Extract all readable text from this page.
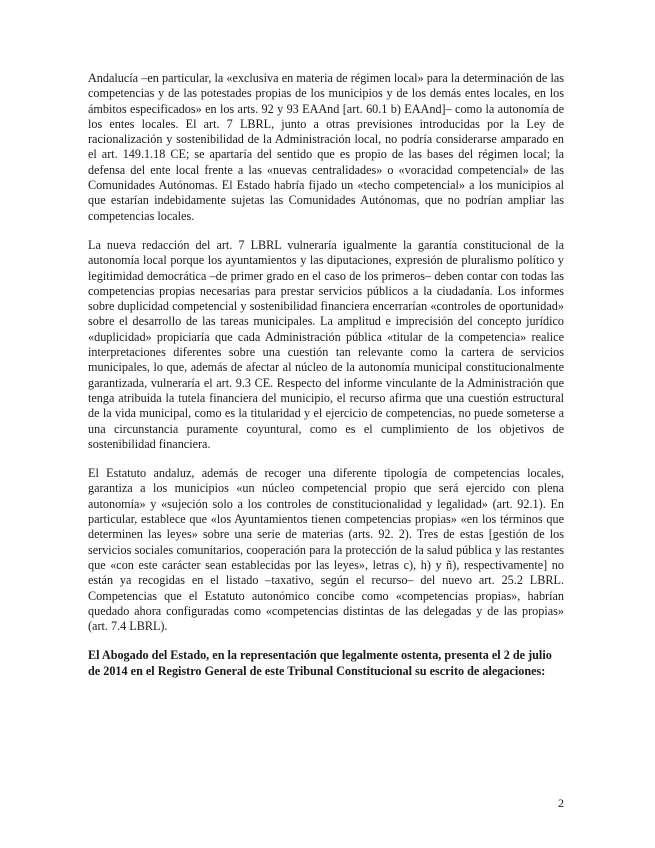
Andalucía –en particular, la «exclusiva en materia de régimen local» para la determinación de las competencias y de las potestades propias de los municipios y de los demás entes locales, en los ámbitos especificados» en los arts. 92 y 93 EAAnd [art. 60.1 b) EAAnd]– como la autonomía de los entes locales. El art. 7 LBRL, junto a otras previsiones introducidas por la Ley de racionalización y sostenibilidad de la Administración local, no podría considerarse amparado en el art. 149.1.18 CE; se apartaría del sentido que es propio de las bases del régimen local; la defensa del ente local frente a las «nuevas centralidades» o «voracidad competencial» de las Comunidades Autónomas. El Estado habría fijado un «techo competencial» a los municipios al que estarían indebidamente sujetas las Comunidades Autónomas, que no podrían ampliar las competencias locales.

La nueva redacción del art. 7 LBRL vulneraría igualmente la garantía constitucional de la autonomía local porque los ayuntamientos y las diputaciones, expresión de pluralismo político y legitimidad democrática –de primer grado en el caso de los primeros– deben contar con todas las competencias propias necesarias para prestar servicios públicos a la ciudadanía. Los informes sobre duplicidad competencial y sostenibilidad financiera encerrarían «controles de oportunidad» sobre el desarrollo de las tareas municipales. La amplitud e imprecisión del concepto jurídico «duplicidad» propiciaría que cada Administración pública «titular de la competencia» realice interpretaciones diferentes sobre una cuestión tan relevante como la cartera de servicios municipales, lo que, además de afectar al núcleo de la autonomía municipal constitucionalmente garantizada, vulneraría el art. 9.3 CE. Respecto del informe vinculante de la Administración que tenga atribuida la tutela financiera del municipio, el recurso afirma que una cuestión estructural de la vida municipal, como es la titularidad y el ejercicio de competencias, no puede someterse a una circunstancia puramente coyuntural, como es el cumplimiento de los objetivos de sostenibilidad financiera.

El Estatuto andaluz, además de recoger una diferente tipología de competencias locales, garantiza a los municipios «un núcleo competencial propio que será ejercido con plena autonomía» y «sujeción solo a los controles de constitucionalidad y legalidad» (art. 92.1). En particular, establece que «los Ayuntamientos tienen competencias propias» «en los términos que determinen las leyes» sobre una serie de materias (arts. 92. 2). Tres de estas [gestión de los servicios sociales comunitarios, cooperación para la protección de la salud pública y las restantes que «con este carácter sean establecidas por las leyes», letras c), h) y ñ), respectivamente] no están ya recogidas en el listado –taxativo, según el recurso– del nuevo art. 25.2 LBRL. Competencias que el Estatuto autonómico concibe como «competencias propias», habrían quedado ahora configuradas como «competencias distintas de las delegadas y de las propias» (art. 7.4 LBRL).

El Abogado del Estado, en la representación que legalmente ostenta, presenta el 2 de julio de 2014 en el Registro General de este Tribunal Constitucional su escrito de alegaciones:

2
